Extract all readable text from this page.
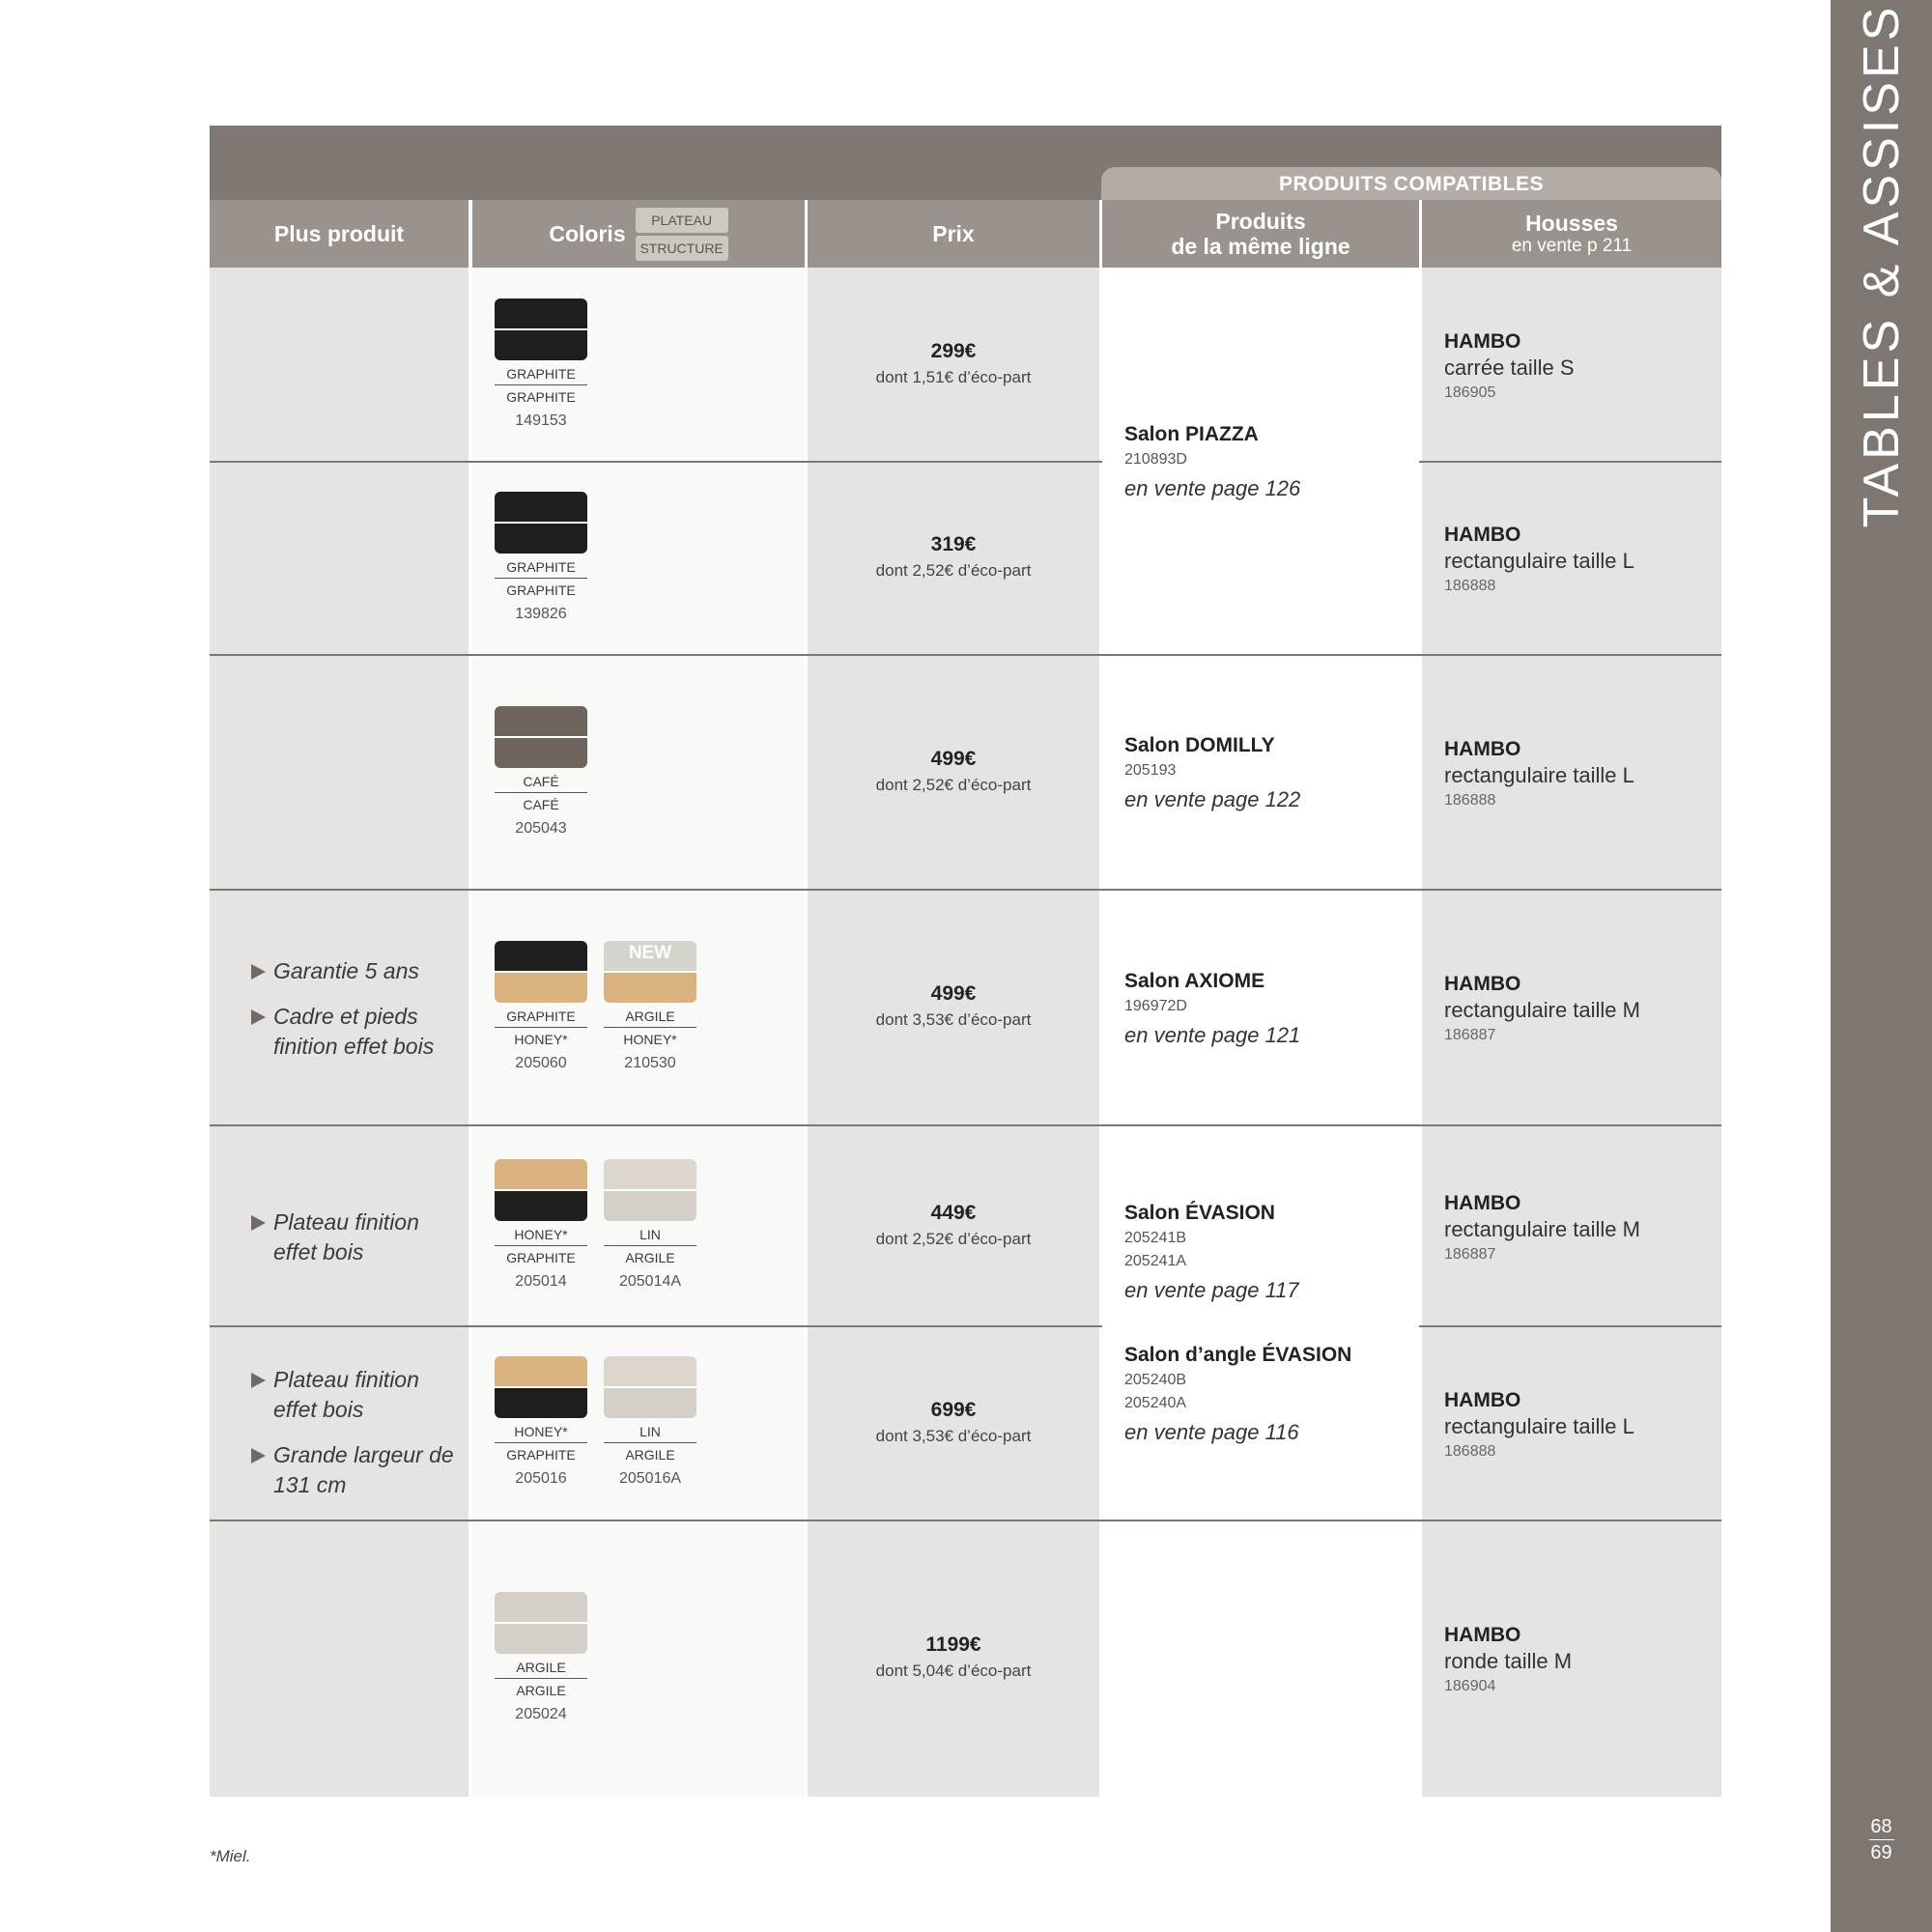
TABLES & ASSISES
68
69
PRODUITS COMPATIBLES
Plus produit	Coloris
PLATEAU
STRUCTURE
Prix	Produits
de la même ligne
Housses
en vente p 211
GRAPHITE
GRAPHITE
149153
299€
dont 1,51€ d’éco-part
HAMBO
carrée taille S
186905
GRAPHITE
GRAPHITE
139826
319€
dont 2,52€ d’éco-part
HAMBO
rectangulaire taille L
186888
CAFÉ
CAFÉ
205043
499€
dont 2,52€ d’éco-part
HAMBO
rectangulaire taille L
186888
Garantie 5 ans
Cadre et pieds finition effet bois
GRAPHITE
HONEY*
205060
NEW
ARGILE
HONEY*
210530
499€
dont 3,53€ d’éco-part
HAMBO
rectangulaire taille M
186887
Plateau finition effet bois
HONEY*
GRAPHITE
205014
LIN
ARGILE
205014A
449€
dont 2,52€ d’éco-part
HAMBO
rectangulaire taille M
186887
Plateau finition effet bois
Grande largeur de 131 cm
HONEY*
GRAPHITE
205016
LIN
ARGILE
205016A
699€
dont 3,53€ d’éco-part
HAMBO
rectangulaire taille L
186888
ARGILE
ARGILE
205024
1199€
dont 5,04€ d’éco-part
HAMBO
ronde taille M
186904
Salon PIAZZA
210893D
en vente page 126
Salon DOMILLY
205193
en vente page 122
Salon AXIOME
196972D
en vente page 121
Salon ÉVASION
205241B
205241A
en vente page 117
Salon d’angle ÉVASION
205240B
205240A
en vente page 116
*Miel.
